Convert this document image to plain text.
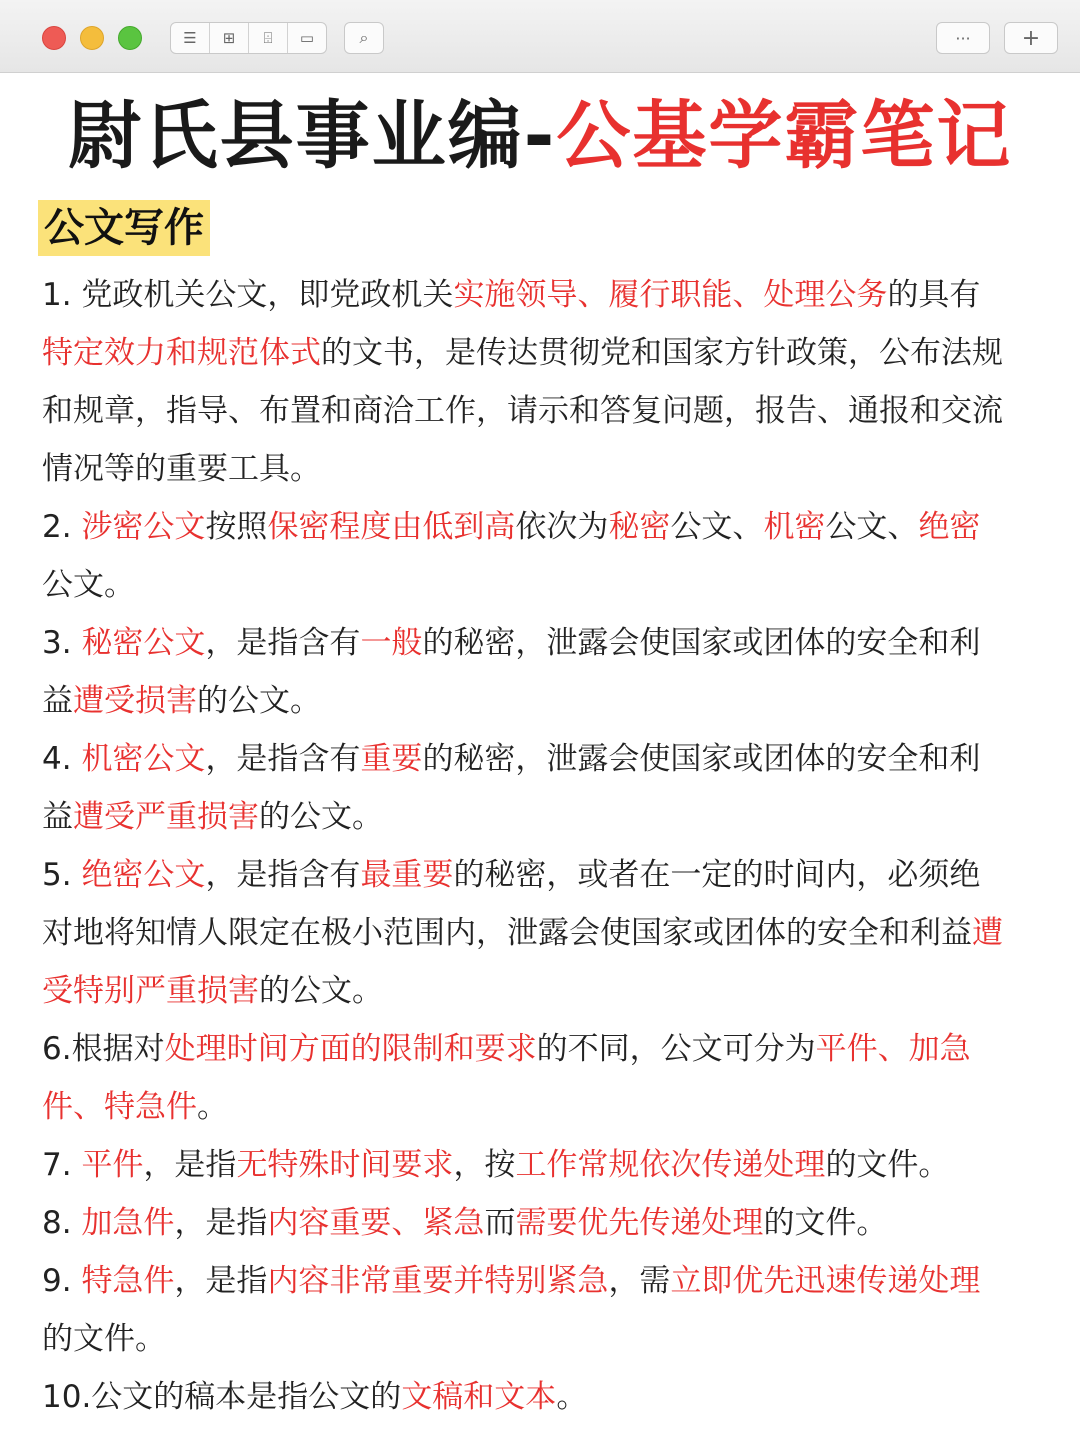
☰	⊞	⌹	▭	⌕	···	+
尉氏县事业编-公基学霸笔记
公文写作

1. 党政机关公文，即党政机关实施领导、履行职能、处理公务的具有特定效力和规范体式的文书，是传达贯彻党和国家方针政策，公布法规和规章，指导、布置和商洽工作，请示和答复问题，报告、通报和交流情况等的重要工具。

2. 涉密公文按照保密程度由低到高依次为秘密公文、机密公文、绝密公文。

3. 秘密公文，是指含有一般的秘密，泄露会使国家或团体的安全和利益遭受损害的公文。

4. 机密公文，是指含有重要的秘密，泄露会使国家或团体的安全和利益遭受严重损害的公文。

5. 绝密公文，是指含有最重要的秘密，或者在一定的时间内，必须绝对地将知情人限定在极小范围内，泄露会使国家或团体的安全和利益遭受特别严重损害的公文。

6.根据对处理时间方面的限制和要求的不同，公文可分为平件、加急件、特急件。

7. 平件，是指无特殊时间要求，按工作常规依次传递处理的文件。

8. 加急件，是指内容重要、紧急而需要优先传递处理的文件。

9. 特急件，是指内容非常重要并特别紧急，需立即优先迅速传递处理的文件。

10.公文的稿本是指公文的文稿和文本。
